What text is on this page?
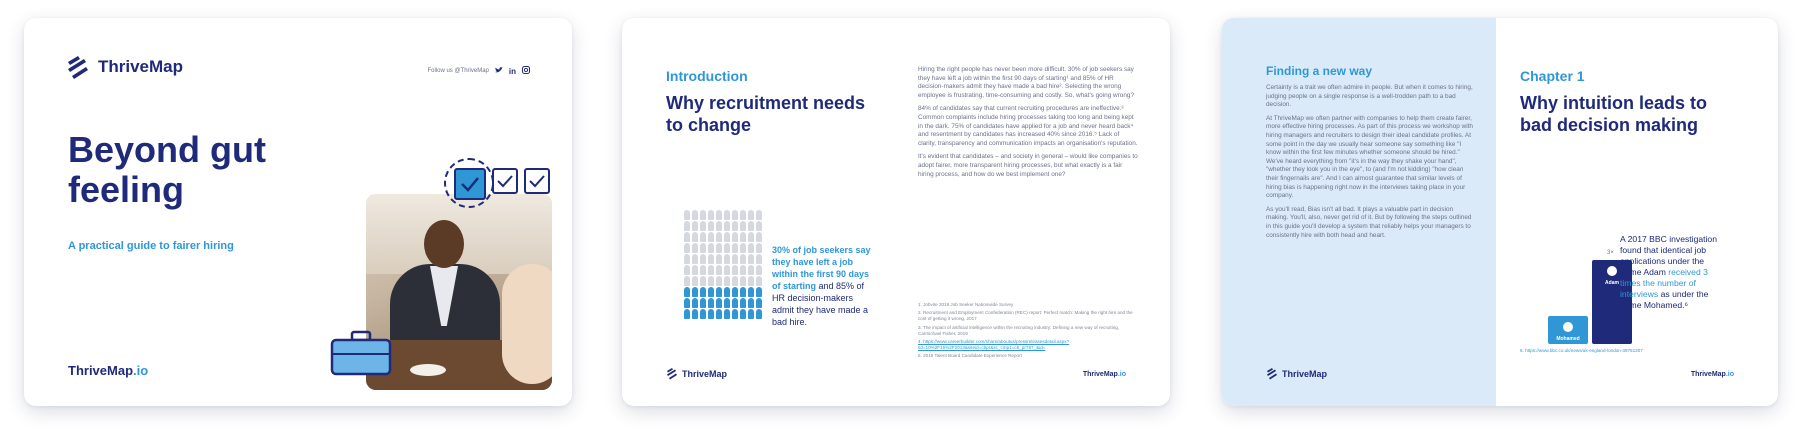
ThriveMap	Follow us @ThriveMap	in
Beyond gut feeling
A practical guide to fairer hiring
ThriveMap.io
Introduction
Why recruitment needs to change
30% of job seekers say they have left a job within the first 90 days of starting and 85% of HR decision-makers admit they have made a bad hire.

Hiring the right people has never been more difficult. 30% of job seekers say they have left a job within the first 90 days of starting¹ and 85% of HR decision-makers admit they have made a bad hire². Selecting the wrong employee is frustrating, time-consuming and costly. So, what's going wrong?

84% of candidates say that current recruiting procedures are ineffective.³ Common complaints include hiring processes taking too long and being kept in the dark. 75% of candidates have applied for a job and never heard back⁴ and resentment by candidates has increased 40% since 2016.⁵ Lack of clarity, transparency and communication impacts an organisation's reputation.

It's evident that candidates – and society in general – would like companies to adopt fairer, more transparent hiring processes, but what exactly is a fair hiring process, and how do we best implement one?

1. Jobvite 2018 Job Seeker Nationwide Survey
2. Recruitment and Employment Confederation (REC) report: Perfect match: Making the right hire and the cost of getting it wrong, 2017
3. The impact of artificial intelligence within the recruiting industry: Defining a new way of recruiting, Carmichael Fisher, 2019
4. https://www.careerbuilder.com/share/aboutus/pressreleasesdetail.aspx?sd=10%2F15%2F2013&siteid=cbpr&sc_cmp1=cb_pr787_&id=
5. 2019 Talent Board Candidate Experience Report
ThriveMap	ThriveMap.io
Finding a new way

Certainty is a trait we often admire in people. But when it comes to hiring, judging people on a single response is a well-trodden path to a bad decision.

At ThriveMap we often partner with companies to help them create fairer, more effective hiring processes. As part of this process we workshop with hiring managers and recruiters to design their ideal candidate profiles. At some point in the day we usually hear someone say something like "I know within the first few minutes whether someone should be hired." We've heard everything from "it's in the way they shake your hand", "whether they look you in the eye", to (and I'm not kidding) "how clean their fingernails are". And I can almost guarantee that similar levels of hiring bias is happening right now in the interviews taking place in your company.

As you'll read, Bias isn't all bad. It plays a valuable part in decision making. You'll, also, never get rid of it. But by following the steps outlined in this guide you'll develop a system that reliably helps your managers to consistently hire with both head and heart.

Chapter 1
Why intuition leads to bad decision making
Mohamed
Adam
3×
A 2017 BBC investigation found that identical job applications under the name Adam received 3 times the number of interviews as under the name Mohamed.⁶
6. https://www.bbc.co.uk/news/uk-england-london-38751307
ThriveMap	ThriveMap.io
